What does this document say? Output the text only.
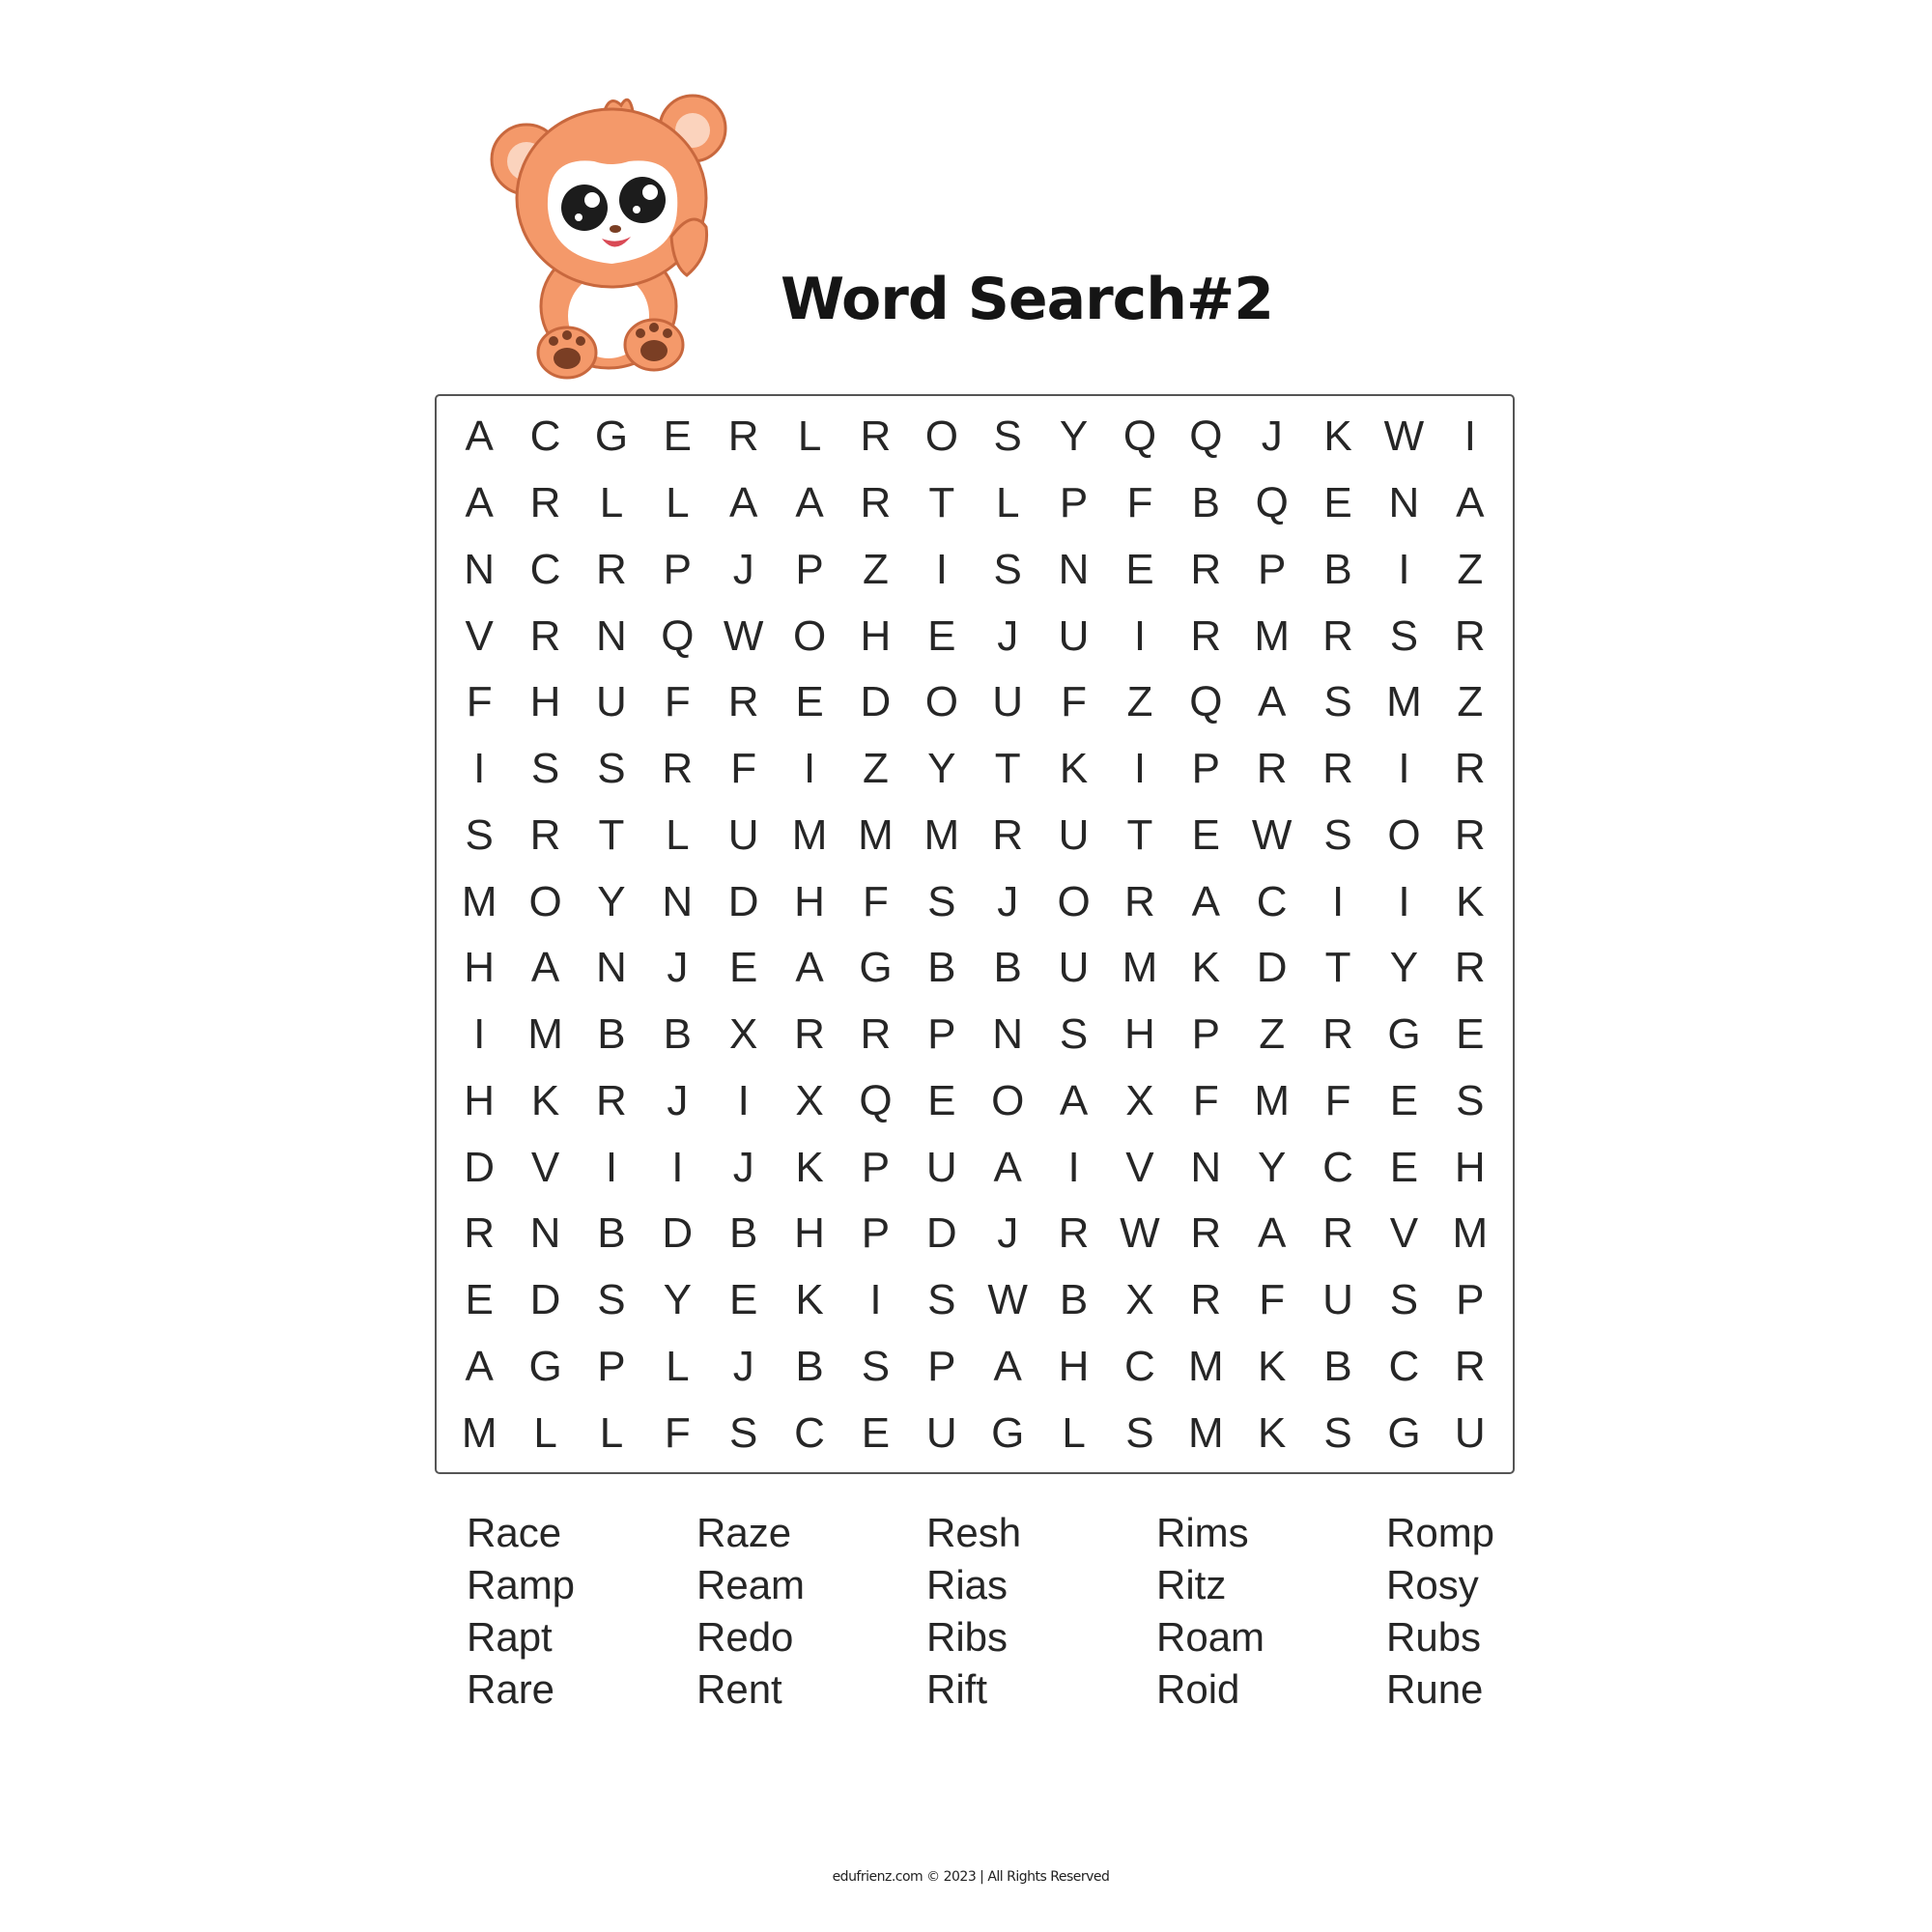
Word Search#2
A C G E R L R O S Y Q Q J K W I
A R L L A A R T L P F B Q E N A
N C R P J P Z	I	S N E R P B	I	Z
V R N Q W O H E J U	I	R M R S R
F H U F R E D O U F Z Q A S M Z
I	S S R F	I	Z Y T K	I	P R R	I	R
S R T L U M M M R U T E W S O R
M O Y N D H F S J O R A C	I	I	K
H A N J E A G B B U M K D T Y R
I M B B X R R P N S H P Z R G E
H K R J	I	X Q E O A X F M F E S
D V	I	I	J K P U A	I	V N Y C E H
R N B D B H P D J R W R A R V M
E D S Y E K	I	S W B X R F U S P
A G P L	J B S P A H C M K B C R
M L L F S C E U G L S M K S G U
Race
Ramp
Rapt
Rare
Raze
Ream
Redo
Rent
Resh
Rias
Ribs
Rift
Rims
Ritz
Roam
Roid
Romp
Rosy
Rubs
Rune
edufrienz.com © 2023 | All Rights Reserved
